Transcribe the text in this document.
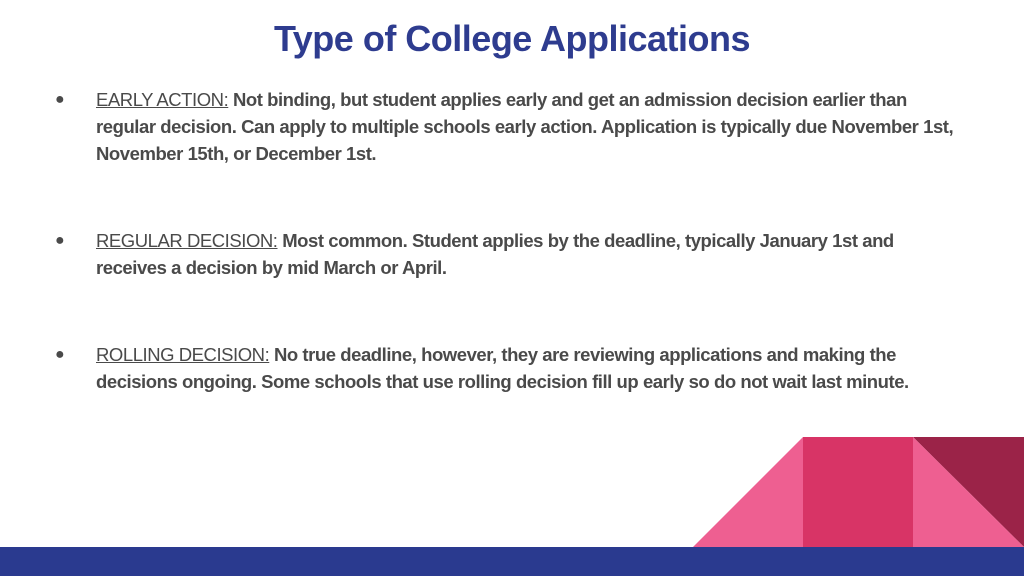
Type of College Applications
● EARLY ACTION: Not binding, but student applies early and get an admission decision earlier than regular decision. Can apply to multiple schools early action. Application is typically due November 1st, November 15th, or December 1st.
● REGULAR DECISION: Most common. Student applies by the deadline, typically January 1st and receives a decision by mid March or April.
● ROLLING DECISION: No true deadline, however, they are reviewing applications and making the decisions ongoing. Some schools that use rolling decision fill up early so do not wait last minute.
